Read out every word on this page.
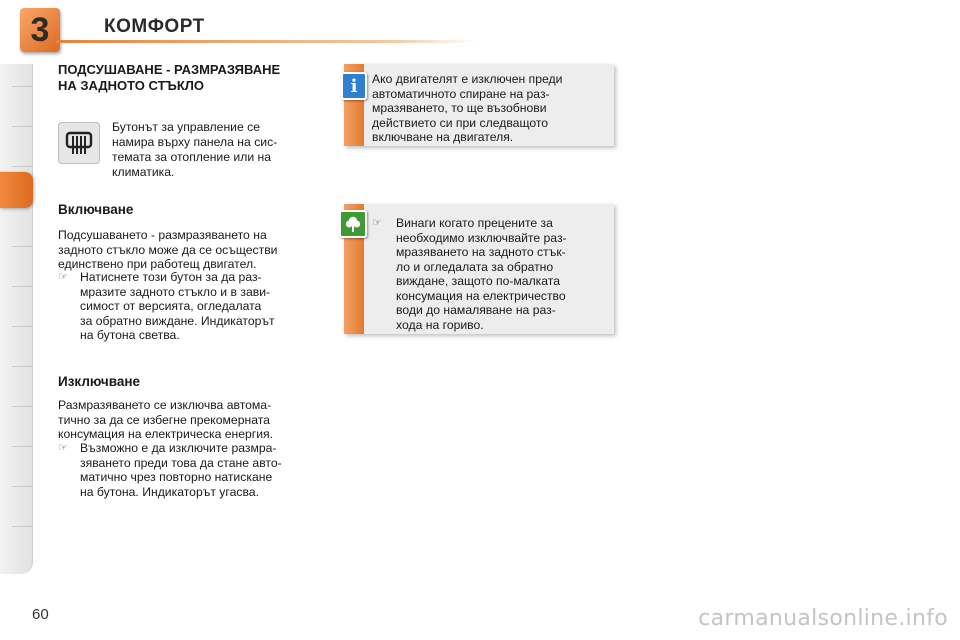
3	КОМФОРТ
ПОДСУШАВАНЕ - РАЗМРАЗЯВАНЕ
НА ЗАДНОТО СТЪКЛО
Бутонът за управление се
намира върху панела на сис-
темата за отопление или на
климатика.
Включване
Подсушаването - размразяването на
задното стъкло може да се осъществи
единствено при работещ двигател.
☞ Натиснете този бутон за да раз-
мразите задното стъкло и в зави-
симост от версията, огледалата
за обратно виждане. Индикаторът
на бутона светва.
Изключване
Размразяването се изключва автома-
тично за да се избегне прекомерната
консумация на електрическа енергия.
☞ Възможно е да изключите размра-
зяването преди това да стане авто-
матично чрез повторно натискане
на бутона. Индикаторът угасва.
i	Ако двигателят е изключен преди
автоматичното спиране на раз-
мразяването, то ще възобнови
действието си при следващото
включване на двигателя.
☞ Винаги когато прецените за
необходимо изключвайте раз-
мразяването на задното стък-
ло и огледалата за обратно
виждане, защото по-малката
консумация на електричество
води до намаляване на раз-
хода на гориво.
60	carmanualsonline.info
